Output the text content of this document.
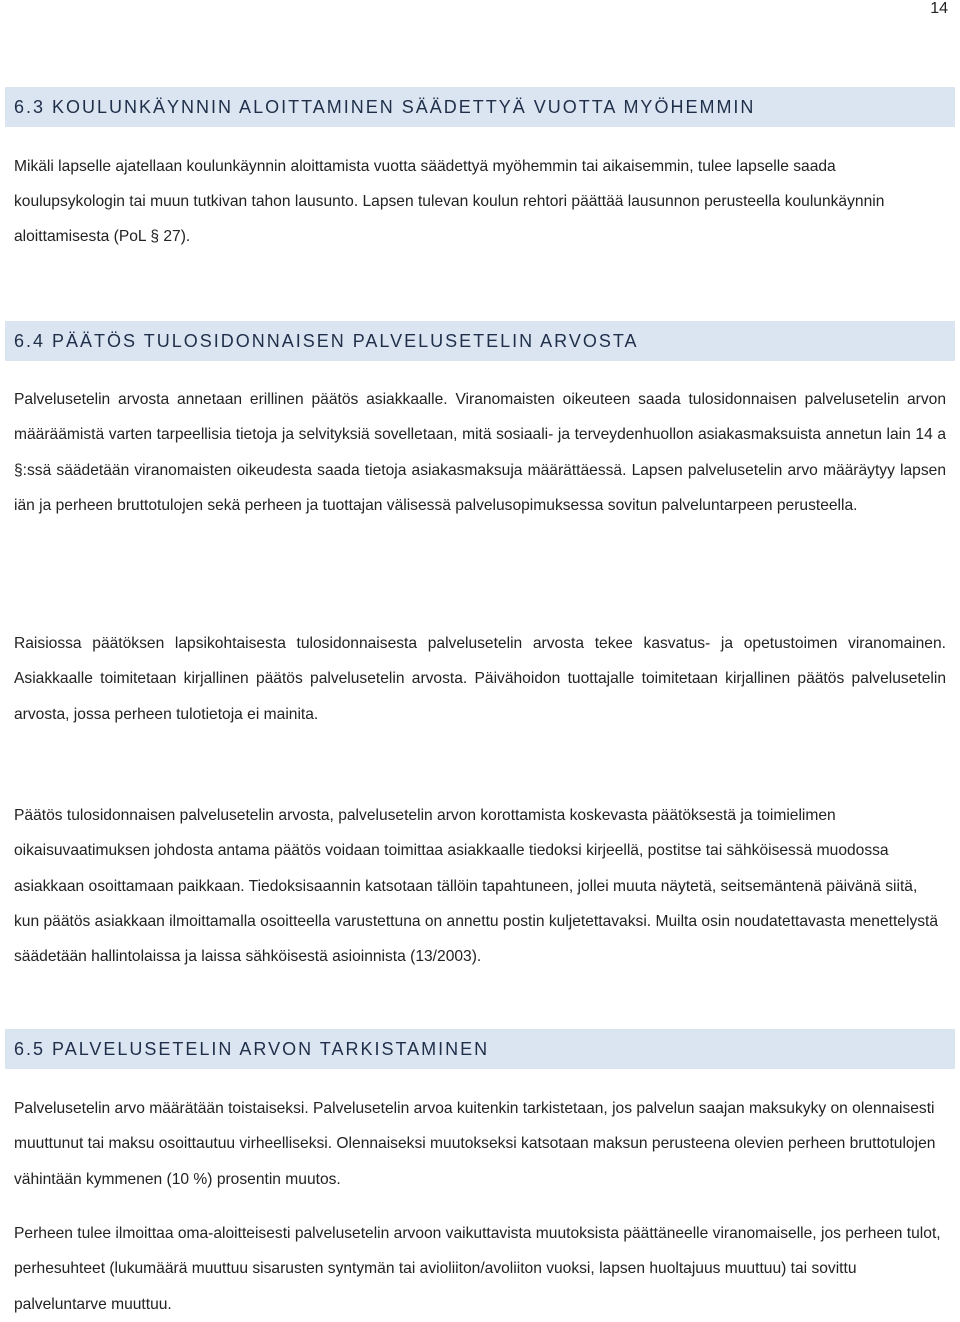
14
6.3 KOULUNKÄYNNIN ALOITTAMINEN SÄÄDETTYÄ VUOTTA MYÖHEMMIN

Mikäli lapselle ajatellaan koulunkäynnin aloittamista vuotta säädettyä myöhemmin tai aikaisemmin, tulee lapselle saada koulupsykologin tai muun tutkivan tahon lausunto. Lapsen tulevan koulun rehtori päättää lausunnon perusteella koulunkäynnin aloittamisesta (PoL § 27).

6.4 PÄÄTÖS TULOSIDONNAISEN PALVELUSETELIN ARVOSTA

Palvelusetelin arvosta annetaan erillinen päätös asiakkaalle. Viranomaisten oikeuteen saada tulosidonnaisen palvelusetelin arvon määräämistä varten tarpeellisia tietoja ja selvityksiä sovelletaan, mitä sosiaali- ja terveydenhuollon asiakasmaksuista annetun lain 14 a §:ssä säädetään viranomaisten oikeudesta saada tietoja asiakasmaksuja määrättäessä. Lapsen palvelusetelin arvo määräytyy lapsen iän ja perheen bruttotulojen sekä perheen ja tuottajan välisessä palvelusopimuksessa sovitun palveluntarpeen perusteella.

Raisiossa päätöksen lapsikohtaisesta tulosidonnaisesta palvelusetelin arvosta tekee kasvatus- ja opetustoimen viranomainen. Asiakkaalle toimitetaan kirjallinen päätös palvelusetelin arvosta. Päivähoidon tuottajalle toimitetaan kirjallinen päätös palvelusetelin arvosta, jossa perheen tulotietoja ei mainita.

Päätös tulosidonnaisen palvelusetelin arvosta, palvelusetelin arvon korottamista koskevasta päätöksestä ja toimielimen oikaisuvaatimuksen johdosta antama päätös voidaan toimittaa asiakkaalle tiedoksi kirjeellä, postitse tai sähköisessä muodossa asiakkaan osoittamaan paikkaan. Tiedoksisaannin katsotaan tällöin tapahtuneen, jollei muuta näytetä, seitsemäntenä päivänä siitä, kun päätös asiakkaan ilmoittamalla osoitteella varustettuna on annettu postin kuljetettavaksi. Muilta osin noudatettavasta menettelystä säädetään hallintolaissa ja laissa sähköisestä asioinnista (13/2003).

6.5 PALVELUSETELIN ARVON TARKISTAMINEN

Palvelusetelin arvo määrätään toistaiseksi. Palvelusetelin arvoa kuitenkin tarkistetaan, jos palvelun saajan maksukyky on olennaisesti muuttunut tai maksu osoittautuu virheelliseksi. Olennaiseksi muutokseksi katsotaan maksun perusteena olevien perheen bruttotulojen vähintään kymmenen (10 %) prosentin muutos.

Perheen tulee ilmoittaa oma-aloitteisesti palvelusetelin arvoon vaikuttavista muutoksista päättäneelle viranomaiselle, jos perheen tulot, perhesuhteet (lukumäärä muuttuu sisarusten syntymän tai avioliiton/avoliiton vuoksi, lapsen huoltajuus muuttuu) tai sovittu palveluntarve muuttuu.
